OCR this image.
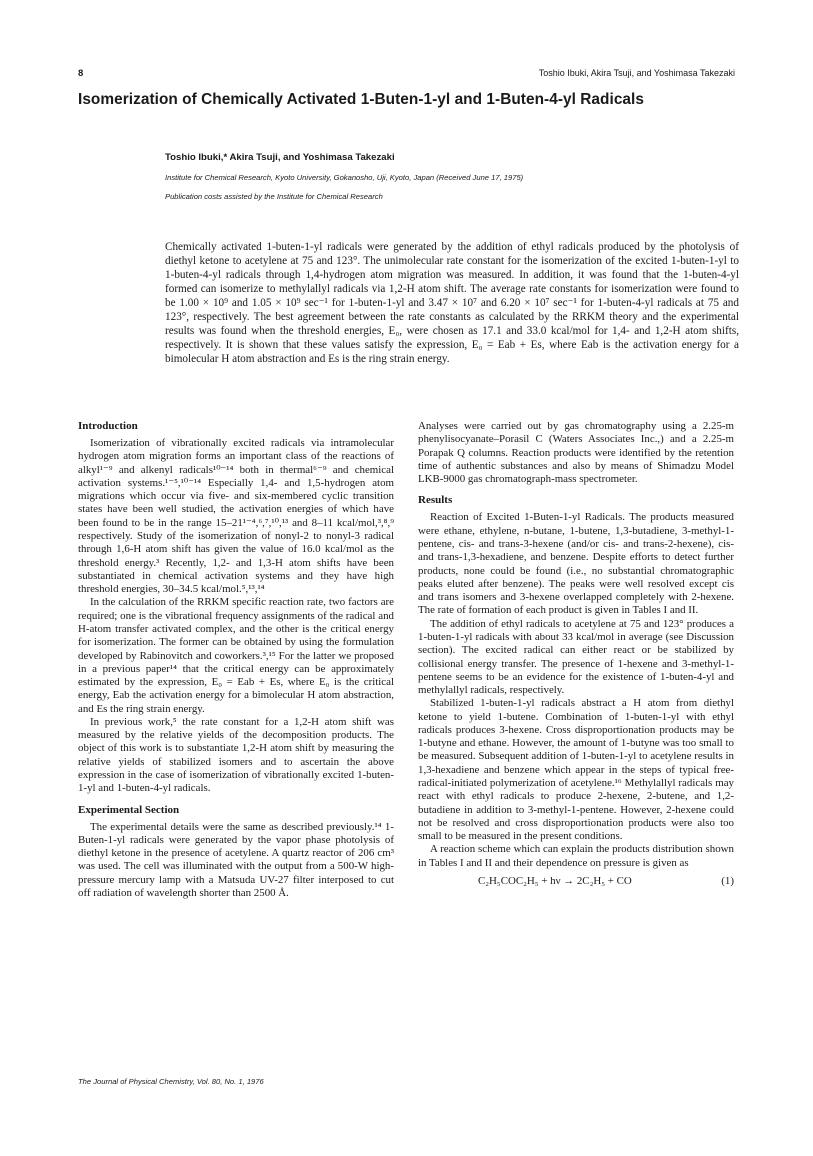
8	Toshio Ibuki, Akira Tsuji, and Yoshimasa Takezaki
Isomerization of Chemically Activated 1-Buten-1-yl and 1-Buten-4-yl Radicals
Toshio Ibuki,* Akira Tsuji, and Yoshimasa Takezaki
Institute for Chemical Research, Kyoto University, Gokanosho, Uji, Kyoto, Japan (Received June 17, 1975)
Publication costs assisted by the Institute for Chemical Research

Chemically activated 1-buten-1-yl radicals were generated by the addition of ethyl radicals produced by the photolysis of diethyl ketone to acetylene at 75 and 123°. The unimolecular rate constant for the isomerization of the excited 1-buten-1-yl to 1-buten-4-yl radicals through 1,4-hydrogen atom migration was measured. In addition, it was found that the 1-buten-4-yl formed can isomerize to methylallyl radicals via 1,2-H atom shift. The average rate constants for isomerization were found to be 1.00 × 10⁹ and 1.05 × 10⁹ sec⁻¹ for 1-buten-1-yl and 3.47 × 10⁷ and 6.20 × 10⁷ sec⁻¹ for 1-buten-4-yl radicals at 75 and 123°, respectively. The best agreement between the rate constants as calculated by the RRKM theory and the experimental results was found when the threshold energies, E₀, were chosen as 17.1 and 33.0 kcal/mol for 1,4- and 1,2-H atom shifts, respectively. It is shown that these values satisfy the expression, E₀ = Eab + Es, where Eab is the activation energy for a bimolecular H atom abstraction and Es is the ring strain energy.

Introduction

Isomerization of vibrationally excited radicals via intramolecular hydrogen atom migration forms an important class of the reactions of alkyl¹⁻⁹ and alkenyl radicals¹⁰⁻¹⁴ both in thermal⁶⁻⁹ and chemical activation systems.¹⁻⁵,¹⁰⁻¹⁴ Especially 1,4- and 1,5-hydrogen atom migrations which occur via five- and six-membered cyclic transition states have been well studied, the activation energies of which have been found to be in the range 15–21¹⁻⁴,⁶,⁷,¹⁰,¹³ and 8–11 kcal/mol,³,⁸,⁹ respectively. Study of the isomerization of nonyl-2 to nonyl-3 radical through 1,6-H atom shift has given the value of 16.0 kcal/mol as the threshold energy.³ Recently, 1,2- and 1,3-H atom shifts have been substantiated in chemical activation systems and they have high threshold energies, 30–34.5 kcal/mol.⁵,¹³,¹⁴

In the calculation of the RRKM specific reaction rate, two factors are required; one is the vibrational frequency assignments of the radical and H-atom transfer activated complex, and the other is the critical energy for isomerization. The former can be obtained by using the formulation developed by Rabinovitch and coworkers.³,¹⁵ For the latter we proposed in a previous paper¹⁴ that the critical energy can be approximately estimated by the expression, E₀ = Eab + Es, where E₀ is the critical energy, Eab the activation energy for a bimolecular H atom abstraction, and Es the ring strain energy.

In previous work,⁵ the rate constant for a 1,2-H atom shift was measured by the relative yields of the decomposition products. The object of this work is to substantiate 1,2-H atom shift by measuring the relative yields of stabilized isomers and to ascertain the above expression in the case of isomerization of vibrationally excited 1-buten-1-yl and 1-buten-4-yl radicals.

Experimental Section

The experimental details were the same as described previously.¹⁴ 1-Buten-1-yl radicals were generated by the vapor phase photolysis of diethyl ketone in the presence of acetylene. A quartz reactor of 206 cm³ was used. The cell was illuminated with the output from a 500-W high-pressure mercury lamp with a Matsuda UV-27 filter interposed to cut off radiation of wavelength shorter than 2500 Å.

Analyses were carried out by gas chromatography using a 2.25-m phenylisocyanate–Porasil C (Waters Associates Inc.,) and a 2.25-m Porapak Q columns. Reaction products were identified by the retention time of authentic substances and also by means of Shimadzu Model LKB-9000 gas chromatograph-mass spectrometer.

Results

Reaction of Excited 1-Buten-1-yl Radicals. The products measured were ethane, ethylene, n-butane, 1-butene, 1,3-butadiene, 3-methyl-1-pentene, cis- and trans-3-hexene (and/or cis- and trans-2-hexene), cis- and trans-1,3-hexadiene, and benzene. Despite efforts to detect further products, none could be found (i.e., no substantial chromatographic peaks eluted after benzene). The peaks were well resolved except cis and trans isomers and 3-hexene overlapped completely with 2-hexene. The rate of formation of each product is given in Tables I and II.

The addition of ethyl radicals to acetylene at 75 and 123° produces a 1-buten-1-yl radicals with about 33 kcal/mol in average (see Discussion section). The excited radical can either react or be stabilized by collisional energy transfer. The presence of 1-hexene and 3-methyl-1-pentene seems to be an evidence for the existence of 1-buten-4-yl and methylallyl radicals, respectively.

Stabilized 1-buten-1-yl radicals abstract a H atom from diethyl ketone to yield 1-butene. Combination of 1-buten-1-yl with ethyl radicals produces 3-hexene. Cross disproportionation products may be 1-butyne and ethane. However, the amount of 1-butyne was too small to be measured. Subsequent addition of 1-buten-1-yl to acetylene results in 1,3-hexadiene and benzene which appear in the steps of typical free-radical-initiated polymerization of acetylene.¹⁶ Methylallyl radicals may react with ethyl radicals to produce 2-hexene, 2-butene, and 1,2-butadiene in addition to 3-methyl-1-pentene. However, 2-hexene could not be resolved and cross disproportionation products were also too small to be measured in the present conditions.

A reaction scheme which can explain the products distribution shown in Tables I and II and their dependence on pressure is given as

C₂H₅COC₂H₅ + hν → 2C₂H₅ + CO	(1)
The Journal of Physical Chemistry, Vol. 80, No. 1, 1976
